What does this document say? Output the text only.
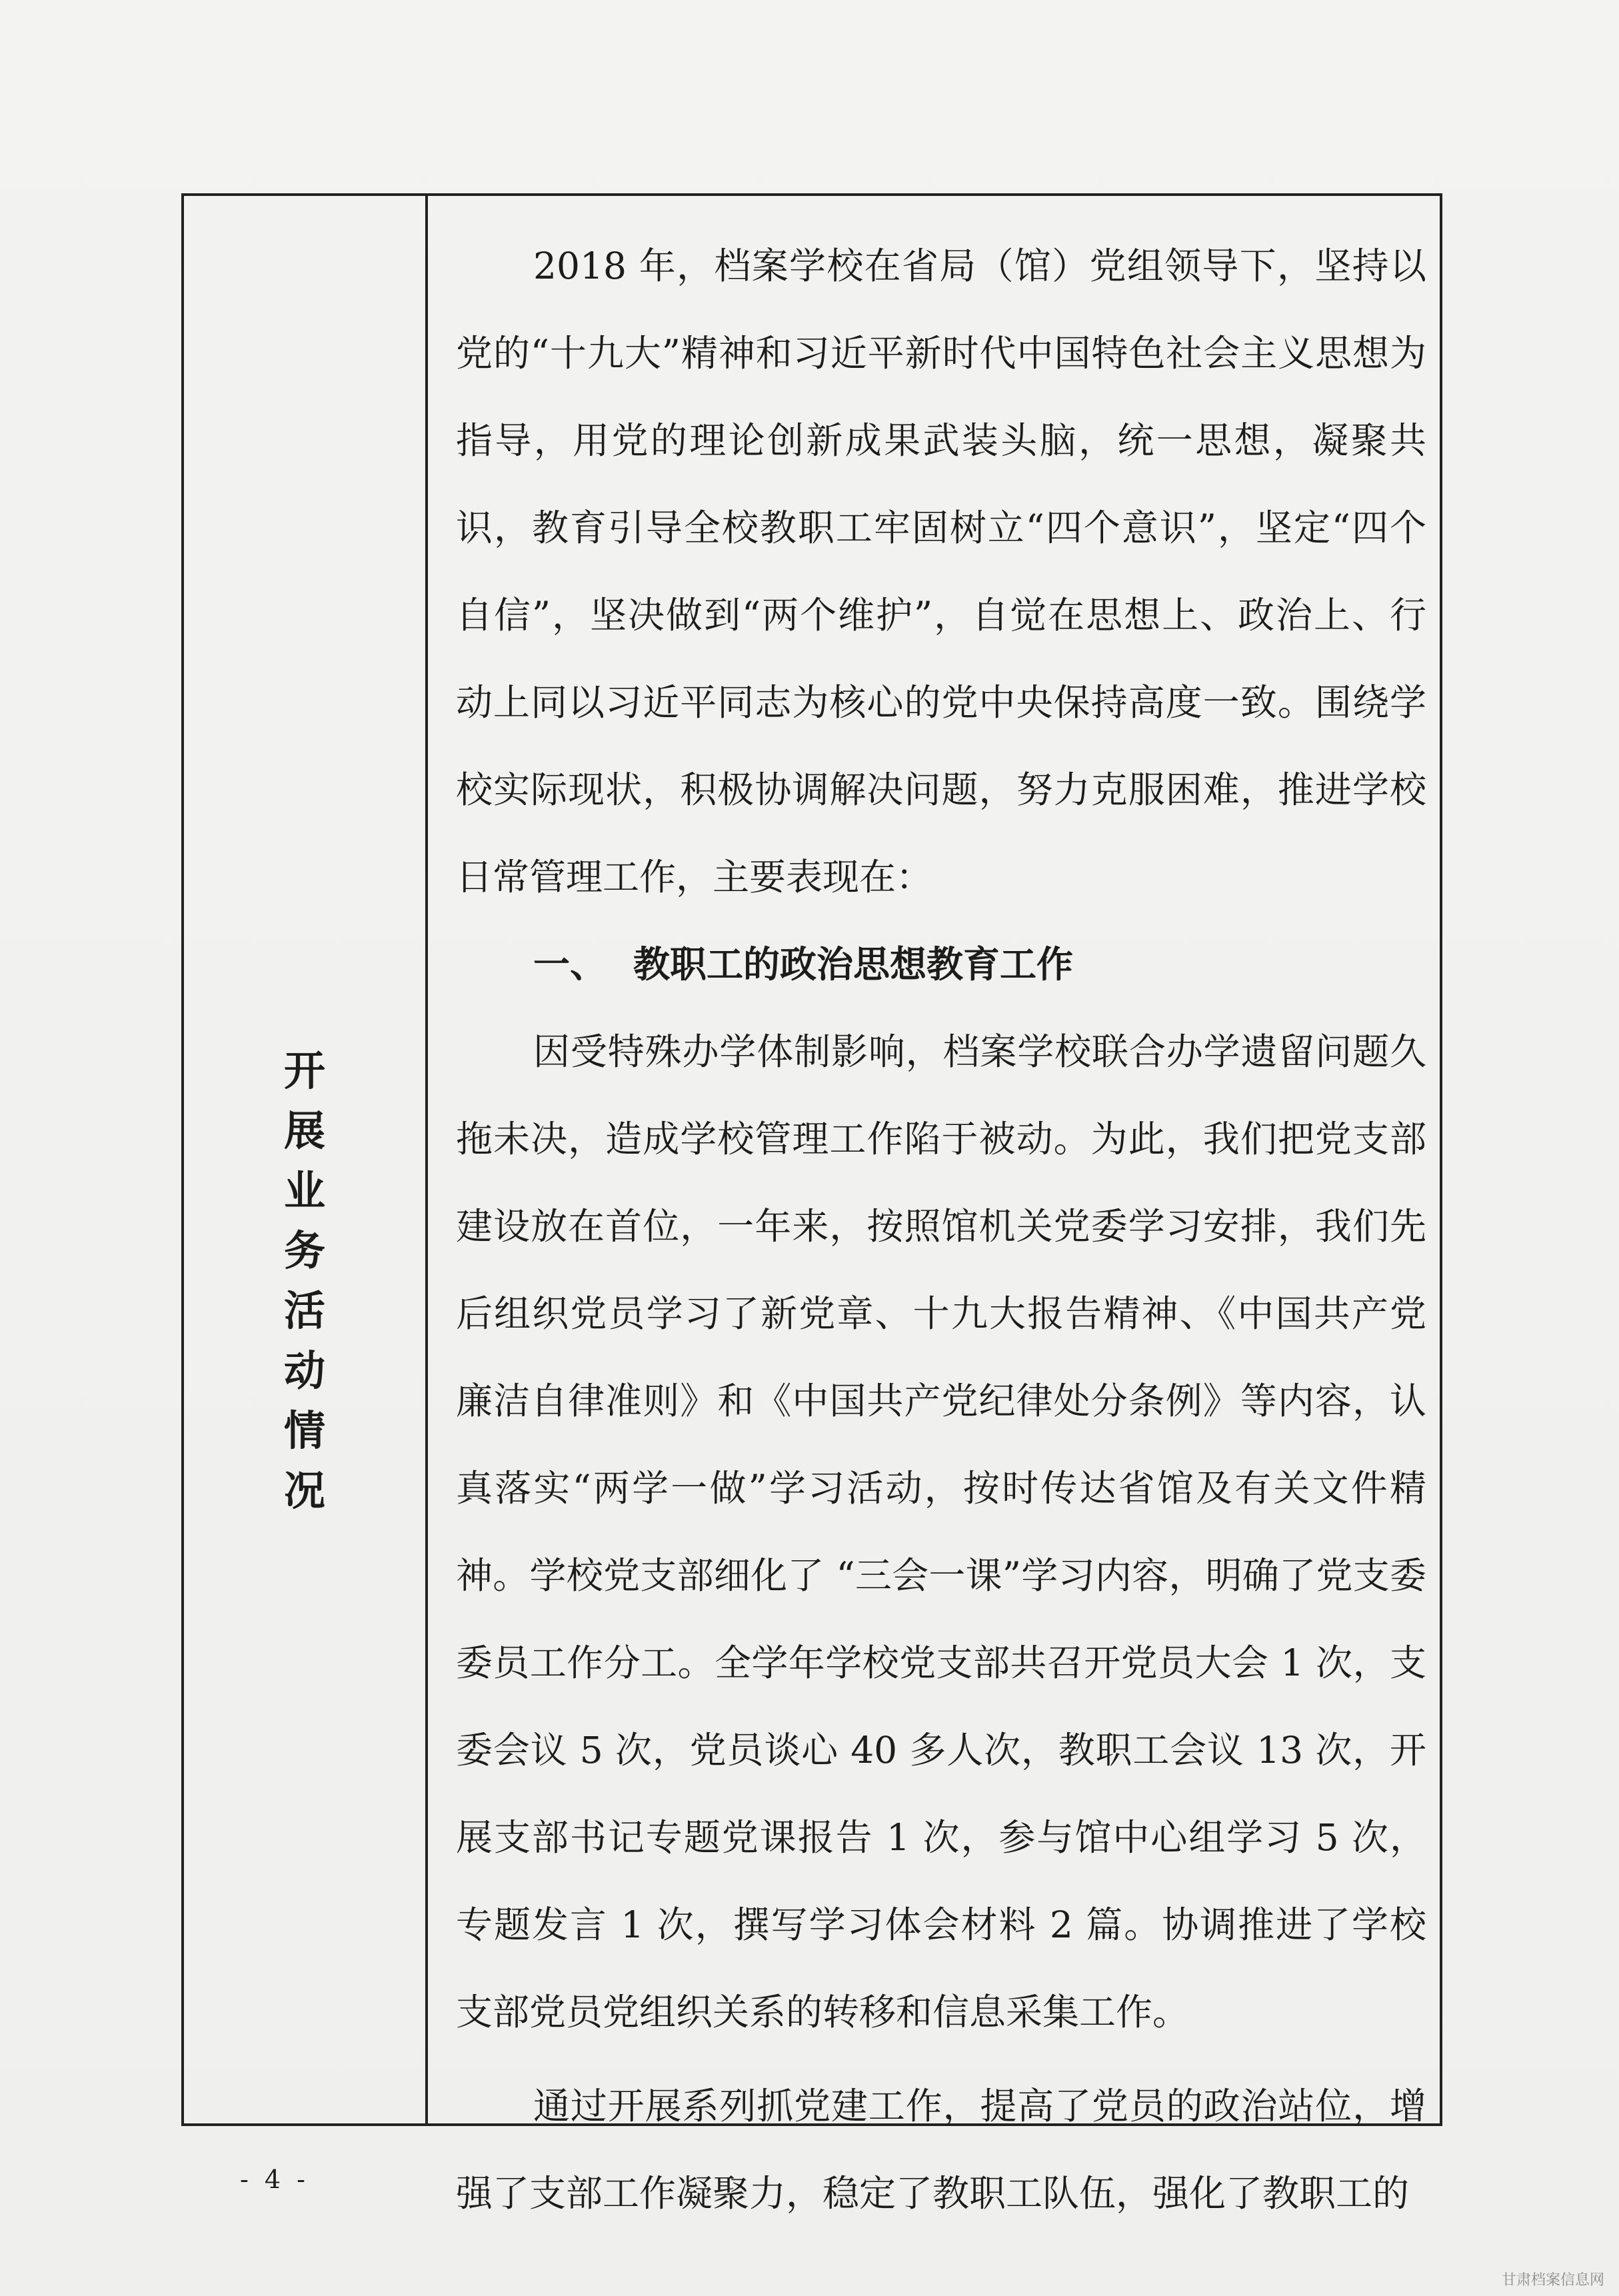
开
展
业
务
活
动
情
况

2018 年，档案学校在省局（馆）党组领导下，坚持以党的“十九大”精神和习近平新时代中国特色社会主义思想为指导，用党的理论创新成果武装头脑，统一思想，凝聚共识，教育引导全校教职工牢固树立“四个意识”，坚定“四个自信”，坚决做到“两个维护”，自觉在思想上、政治上、行动上同以习近平同志为核心的党中央保持高度一致。围绕学校实际现状，积极协调解决问题，努力克服困难，推进学校日常管理工作，主要表现在：

一、 教职工的政治思想教育工作

因受特殊办学体制影响，档案学校联合办学遗留问题久拖未决，造成学校管理工作陷于被动。为此，我们把党支部建设放在首位，一年来，按照馆机关党委学习安排，我们先后组织党员学习了新党章、十九大报告精神、《中国共产党廉洁自律准则》和《中国共产党纪律处分条例》等内容，认真落实“两学一做”学习活动，按时传达省馆及有关文件精神。学校党支部细化了 “三会一课”学习内容，明确了党支委委员工作分工。全学年学校党支部共召开党员大会 1 次，支委会议 5 次，党员谈心 40 多人次，教职工会议 13 次，开展支部书记专题党课报告 1 次，参与馆中心组学习 5 次，专题发言 1 次，撰写学习体会材料 2 篇。协调推进了学校支部党员党组织关系的转移和信息采集工作。

通过开展系列抓党建工作，提高了党员的政治站位，增强了支部工作凝聚力，稳定了教职工队伍，强化了教职工的

- 4 -
甘肃档案信息网
